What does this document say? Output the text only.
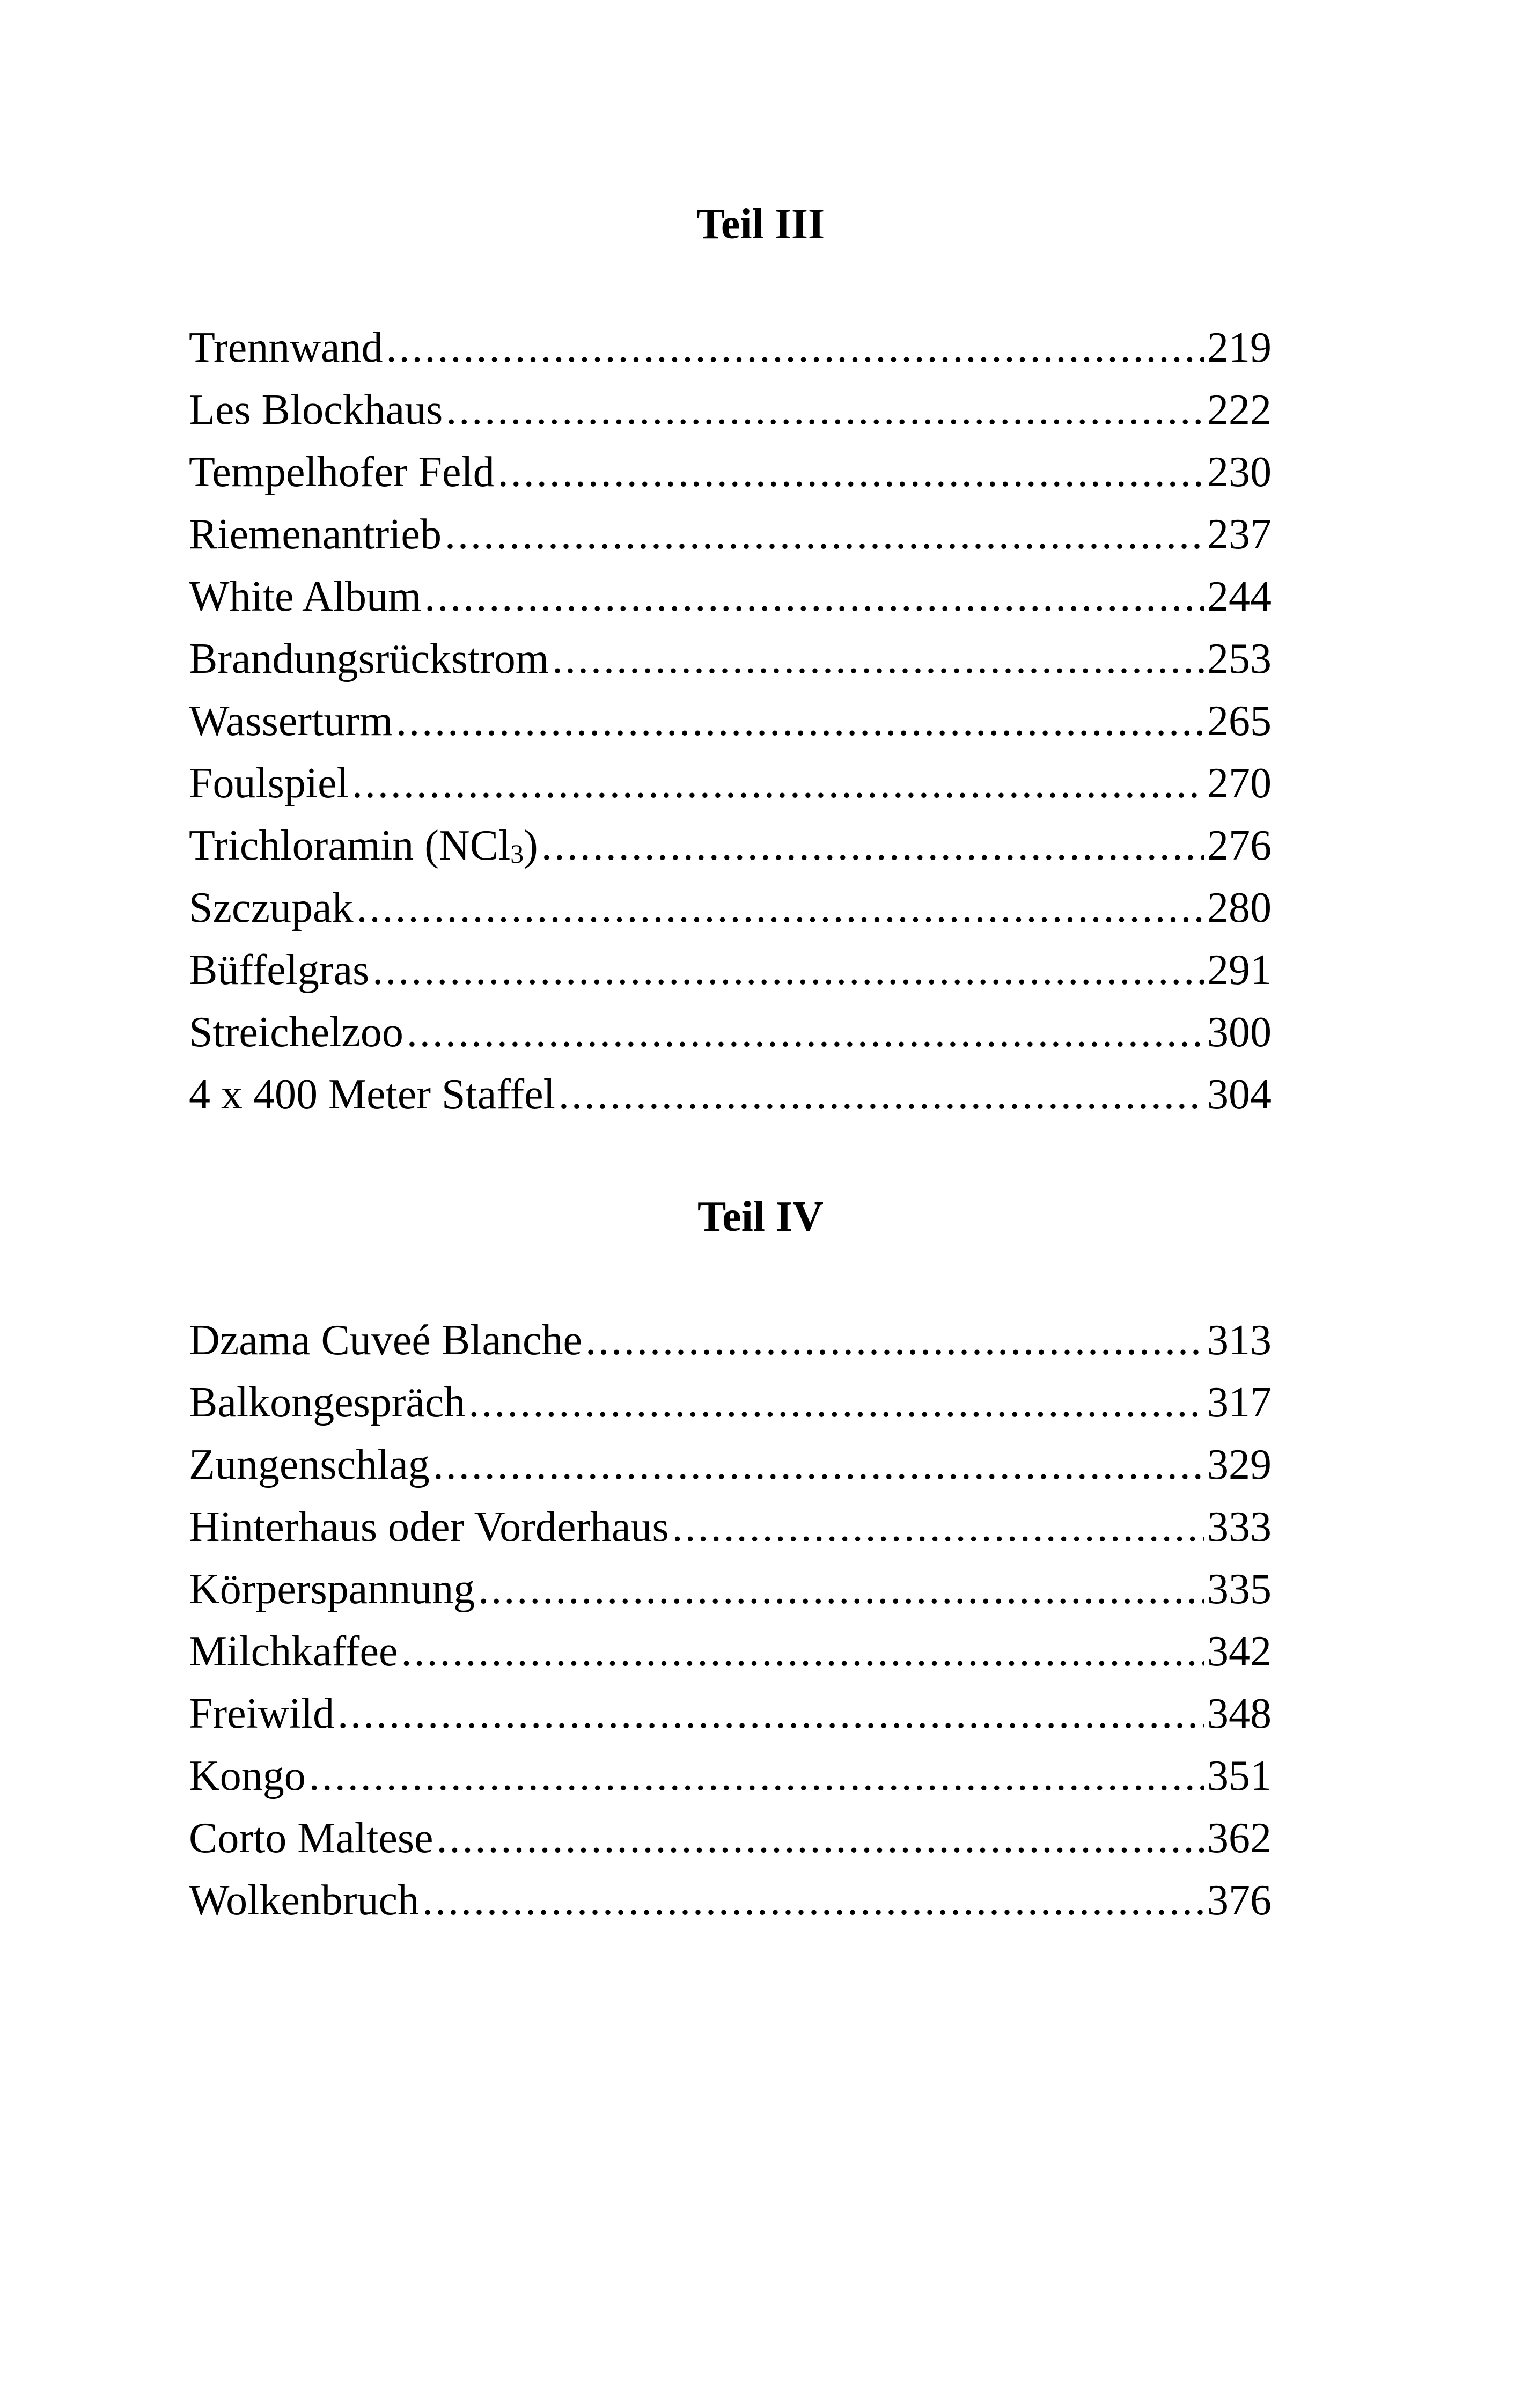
Teil III
Trennwand .....	219
Les Blockhaus .....	222
Tempelhofer Feld .....	230
Riemenantrieb .....	237
White Album .....	244
Brandungsrückstrom .....	253
Wasserturm .....	265
Foulspiel .....	270
Trichloramin (NCl3) .....	276
Szczupak .....	280
Büffelgras .....	291
Streichelzoo .....	300
4 x 400 Meter Staffel .....	304
Teil IV
Dzama Cuveé Blanche .....	313
Balkongespräch .....	317
Zungenschlag .....	329
Hinterhaus oder Vorderhaus .....	333
Körperspannung .....	335
Milchkaffee .....	342
Freiwild .....	348
Kongo .....	351
Corto Maltese .....	362
Wolkenbruch .....	376
